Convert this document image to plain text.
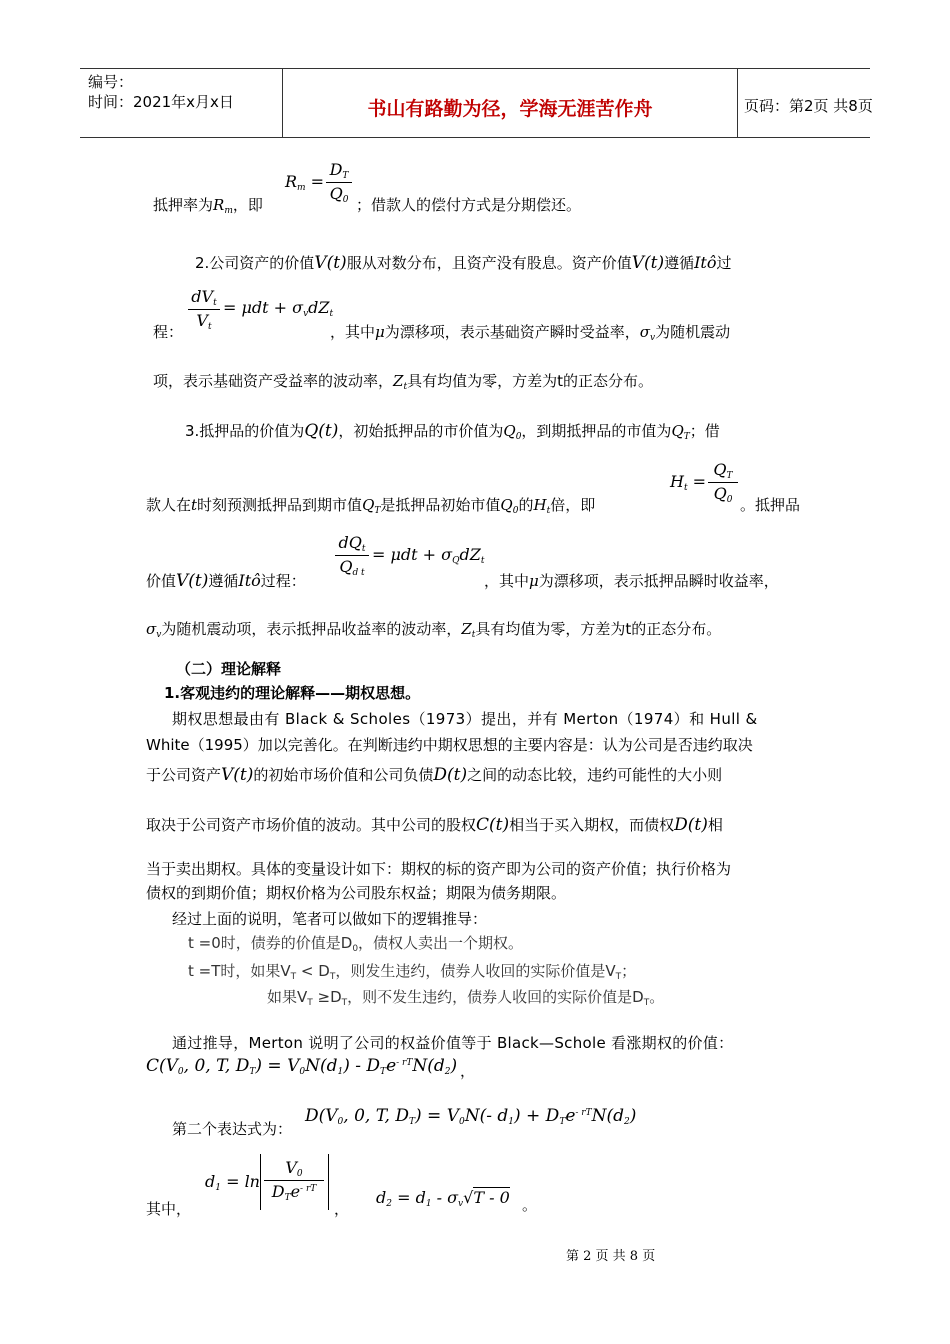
编号：
时间：2021年x月x日	书山有路勤为径，学海无涯苦作舟	页码：第2页 共8页
抵押率为$R_m$，即
$R_m$ =
$D_T$
$Q_0$ ；借款人的偿付方式是分期偿还。
2.公司资产的价值V(t)服从对数分布，且资产没有股息。资产价值V(t)遵循Itô过
程：
$dV_t$
$V_t$
= $\mu dt + \sigma_vdZ_t$
，其中μ为漂移项，表示基础资产瞬时受益率，$\sigma_v$为随机震动
项，表示基础资产受益率的波动率，$Z_t$具有均值为零，方差为t的正态分布。
3.抵押品的价值为Q(t)，初始抵押品的市价值为$Q_0$，到期抵押品的市值为$Q_T$；借
款人在t时刻预测抵押品到期市值$Q_T$是抵押品初始市值$Q_0$的$H_t$倍，即
$H_t$ =
$Q_T$
$Q_0$ 。抵押品
价值V(t)遵循Itô过程：
$dQ_t$
$Q_{d t}$
= $\mu dt + \sigma_QdZ_t$
，其中μ为漂移项，表示抵押品瞬时收益率，
$\sigma_v$为随机震动项，表示抵押品收益率的波动率，$Z_t$具有均值为零，方差为t的正态分布。
（二）理论解释
1.客观违约的理论解释——期权思想。
期权思想最由有 Black & Scholes（1973）提出，并有 Merton（1974）和 Hull &
White（1995）加以完善化。在判断违约中期权思想的主要内容是：认为公司是否违约取决
于公司资产V(t)的初始市场价值和公司负债D(t)之间的动态比较，违约可能性的大小则
取决于公司资产市场价值的波动。其中公司的股权C(t)相当于买入期权，而债权D(t)相
当于卖出期权。具体的变量设计如下：期权的标的资产即为公司的资产价值；执行价格为
债权的到期价值；期权价格为公司股东权益；期限为债务期限。
经过上面的说明，笔者可以做如下的逻辑推导：
t =0时，债券的价值是$D_0$，债权人卖出一个期权。
t =T时，如果$V_T < D_T$，则发生违约，债券人收回的实际价值是$V_T$；
如果$V_T \ge D_T$，则不发生违约，债券人收回的实际价值是$D_T$。
通过推导，Merton 说明了公司的权益价值等于 Black—Schole 看涨期权的价值：
$C(V_0$, 0, T, $D_T) = V_0N(d_1) - D_Te^{- rT}N(d_2)$ ，
第二个表达式为：
$D(V_0$, 0, T, $D_T) = V_0N(-$ $d_1) + D_Te^{- rT}N(d_2)$
其中，
$d_1 = \ln$
$V_0$
$D_Te^{- rT}$
，
$d_2 = d_1 - \sigma_v√T - 0$ 。
第 2 页 共 8 页
